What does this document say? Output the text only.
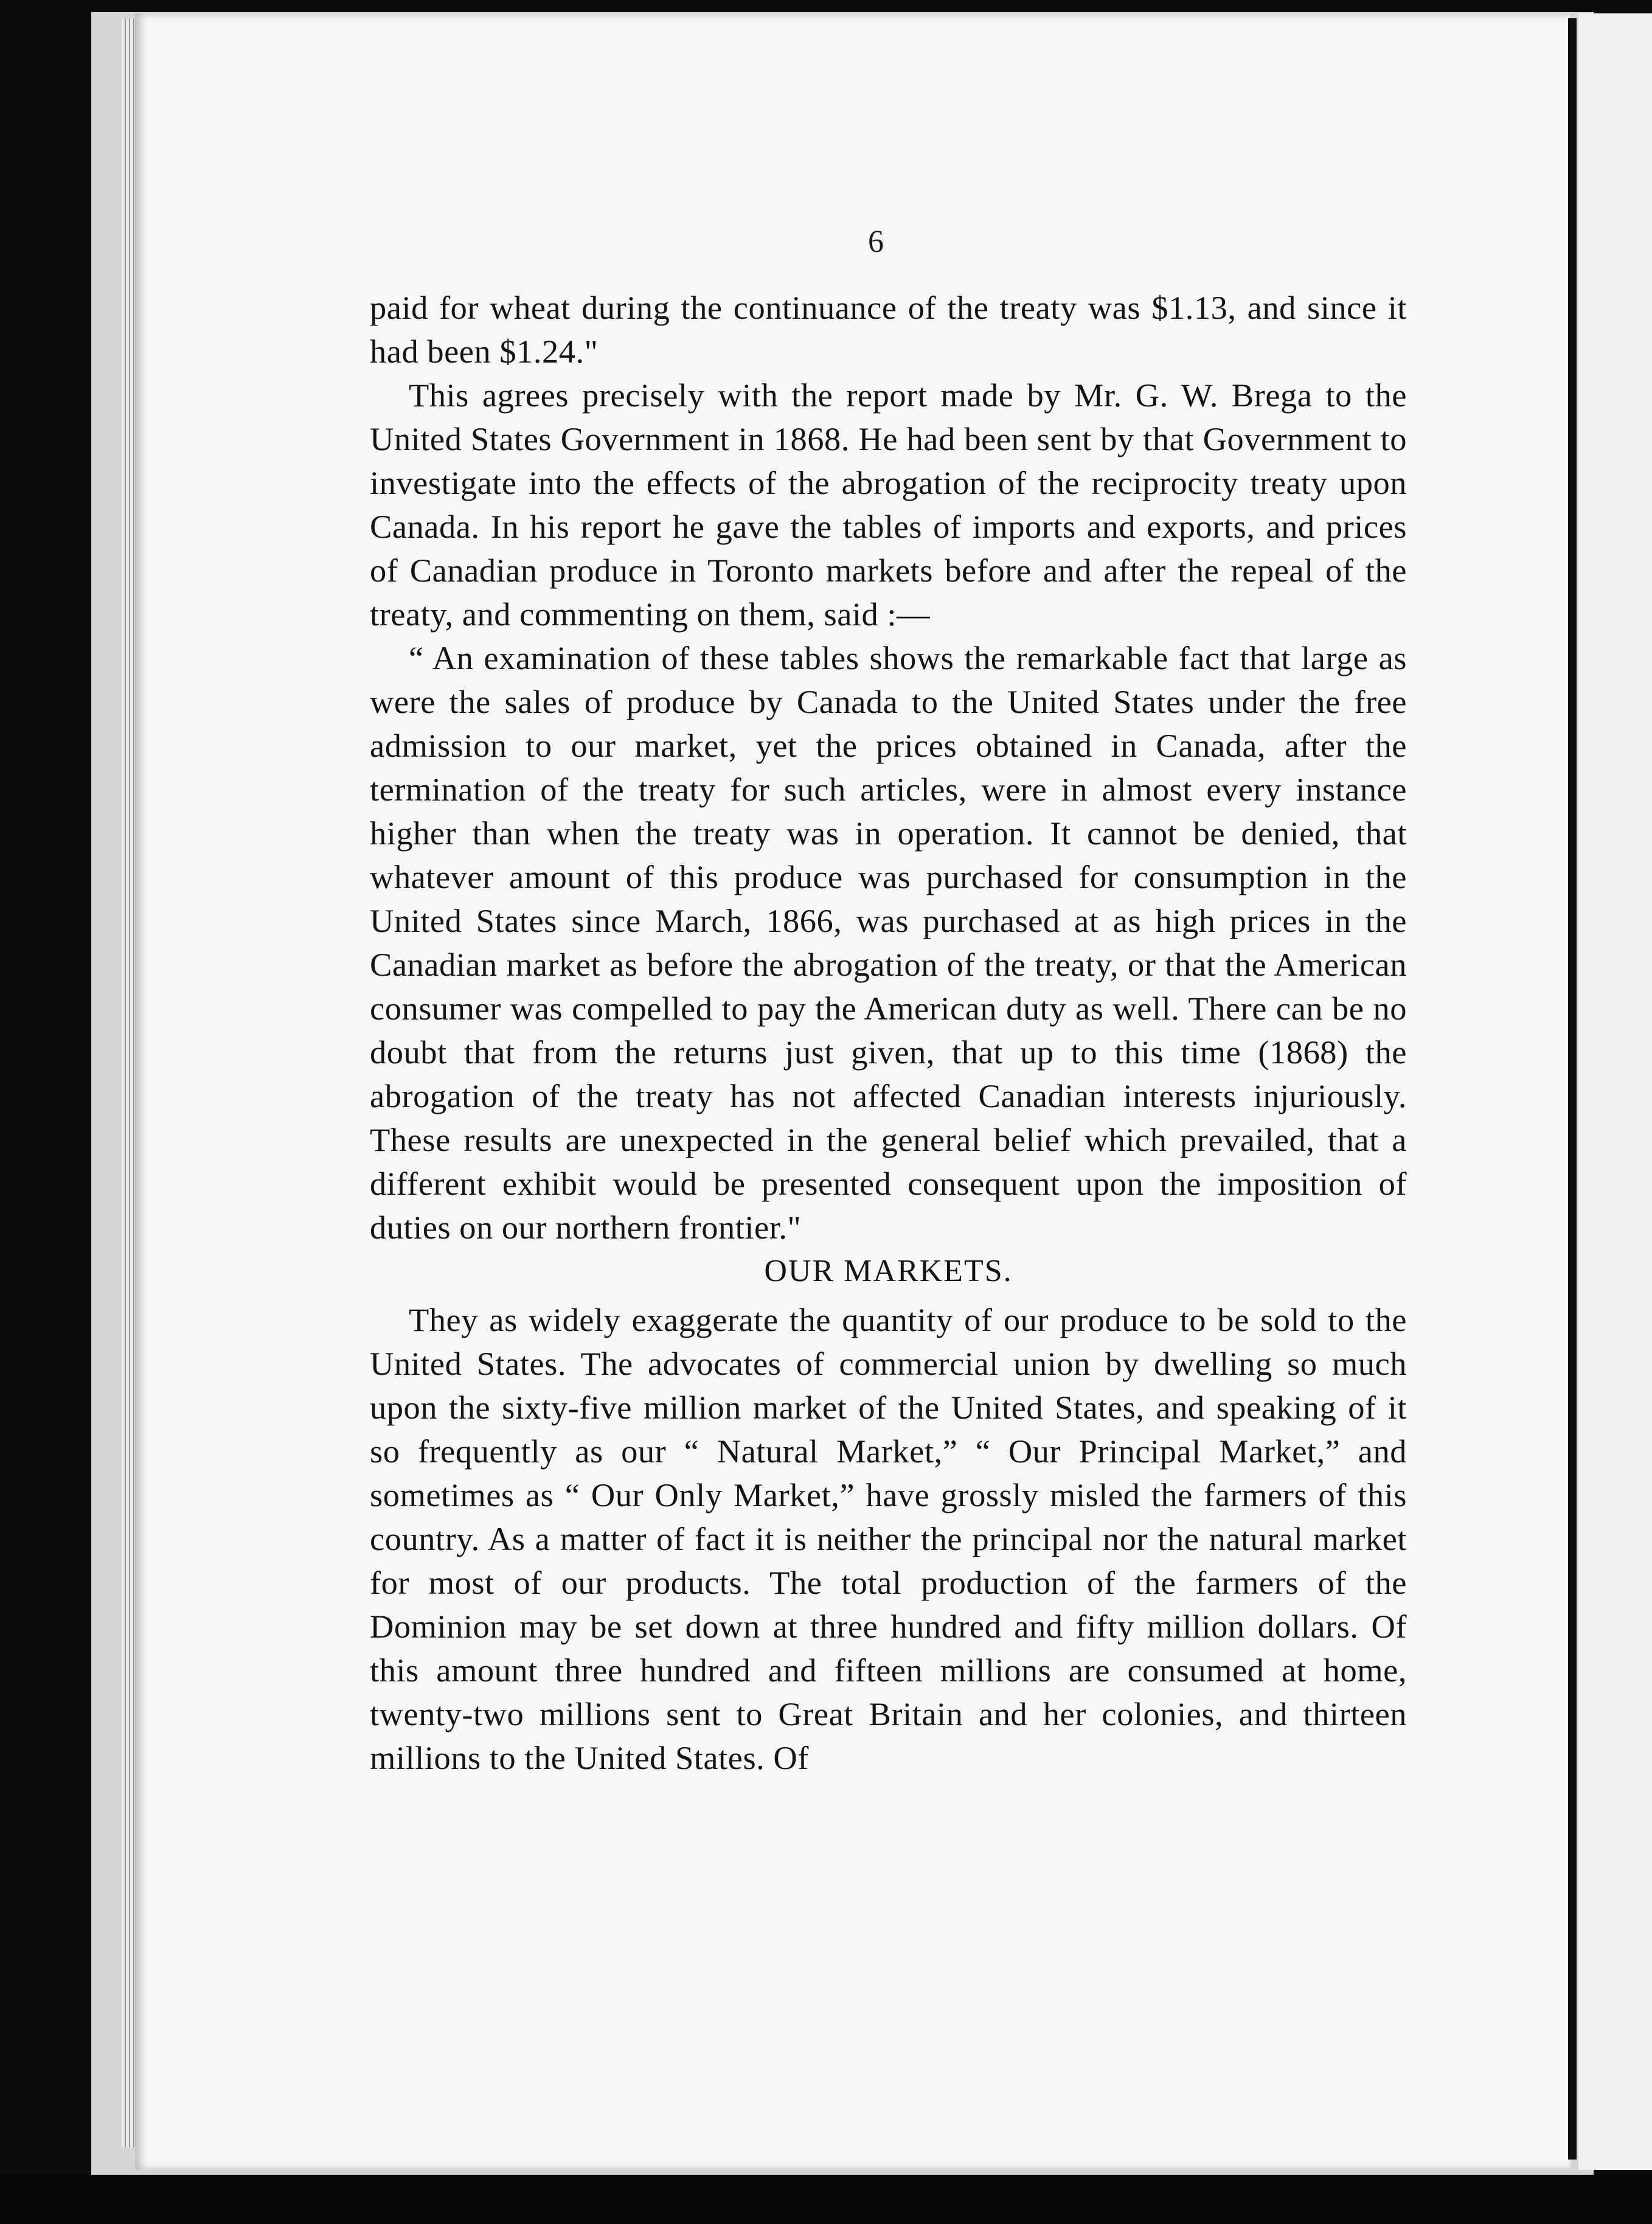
6

paid for wheat during the continuance of the treaty was $1.13, and since it had been $1.24."

This agrees precisely with the report made by Mr. G. W. Brega to the United States Government in 1868. He had been sent by that Government to investigate into the effects of the abrogation of the reciprocity treaty upon Canada. In his report he gave the tables of imports and exports, and prices of Canadian produce in Toronto markets before and after the repeal of the treaty, and commenting on them, said :—

“ An examination of these tables shows the remarkable fact that large as were the sales of produce by Canada to the United States under the free admission to our market, yet the prices obtained in Canada, after the termination of the treaty for such articles, were in almost every instance higher than when the treaty was in operation. It cannot be denied, that whatever amount of this produce was purchased for consumption in the United States since March, 1866, was purchased at as high prices in the Canadian market as before the abrogation of the treaty, or that the American consumer was compelled to pay the American duty as well. There can be no doubt that from the returns just given, that up to this time (1868) the abrogation of the treaty has not affected Canadian interests injuriously. These results are unexpected in the general belief which prevailed, that a different exhibit would be presented consequent upon the imposition of duties on our northern frontier."

OUR MARKETS.

They as widely exaggerate the quantity of our produce to be sold to the United States. The advocates of commercial union by dwelling so much upon the sixty-five million market of the United States, and speaking of it so frequently as our “ Natural Market,” “ Our Principal Market,” and sometimes as “ Our Only Market,” have grossly misled the farmers of this country. As a matter of fact it is neither the principal nor the natural market for most of our products. The total production of the farmers of the Dominion may be set down at three hundred and fifty million dollars. Of this amount three hundred and fifteen millions are consumed at home, twenty-two millions sent to Great Britain and her colonies, and thirteen millions to the United States. Of
